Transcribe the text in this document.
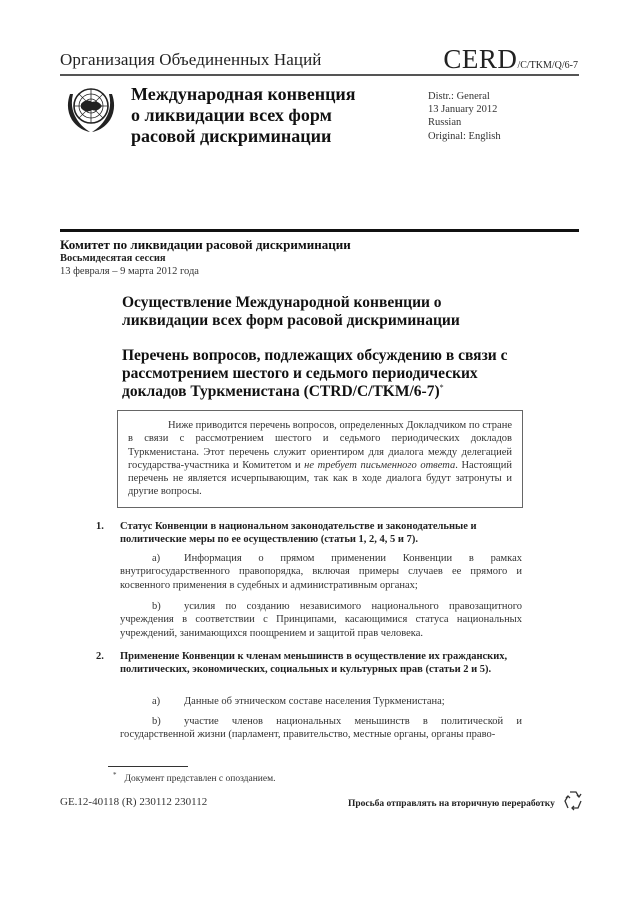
Организация Объединенных Наций	CERD/C/TKM/Q/6-7
Международная конвенция
о ликвидации всех форм
расовой дискриминации
Distr.: General
13 January 2012
Russian
Original: English
Комитет по ликвидации расовой дискриминации
Восьмидесятая сессия
13 февраля – 9 марта 2012 года
Осуществление Международной конвенции о
ликвидации всех форм расовой дискриминации
Перечень вопросов, подлежащих обсуждению в связи с
рассмотрением шестого и седьмого периодических
докладов Туркменистана (CTRD/C/TKM/6-7)*
Ниже приводится перечень вопросов, определенных Докладчиком по стране в связи с рассмотрением шестого и седьмого периодических докладов Туркменистана. Этот перечень служит ориентиром для диалога между делегацией государства-участника и Комитетом и не требует письменного ответа. Настоящий перечень не является исчерпывающим, так как в ходе диалога будут затронуты и другие вопросы.
1. Статус Конвенции в национальном законодательстве и законодательные и политические меры по ее осуществлению (статьи 1, 2, 4, 5 и 7).
a) Информация о прямом применении Конвенции в рамках внутригосударственного правопорядка, включая примеры случаев ее прямого и косвенного применения в судебных и административным органах;
b) усилия по созданию независимого национального правозащитного учреждения в соответствии с Принципами, касающимися статуса национальных учреждений, занимающихся поощрением и защитой прав человека.
2. Применение Конвенции к членам меньшинств в осуществление их гражданских, политических, экономических, социальных и культурных прав (статьи 2 и 5).
a) Данные об этническом составе населения Туркменистана;
b) участие членов национальных меньшинств в политической и государственной жизни (парламент, правительство, местные органы, органы право-
* Документ представлен с опозданием.
GE.12-40118 (R) 230112 230112	Просьба отправлять на вторичную переработку
